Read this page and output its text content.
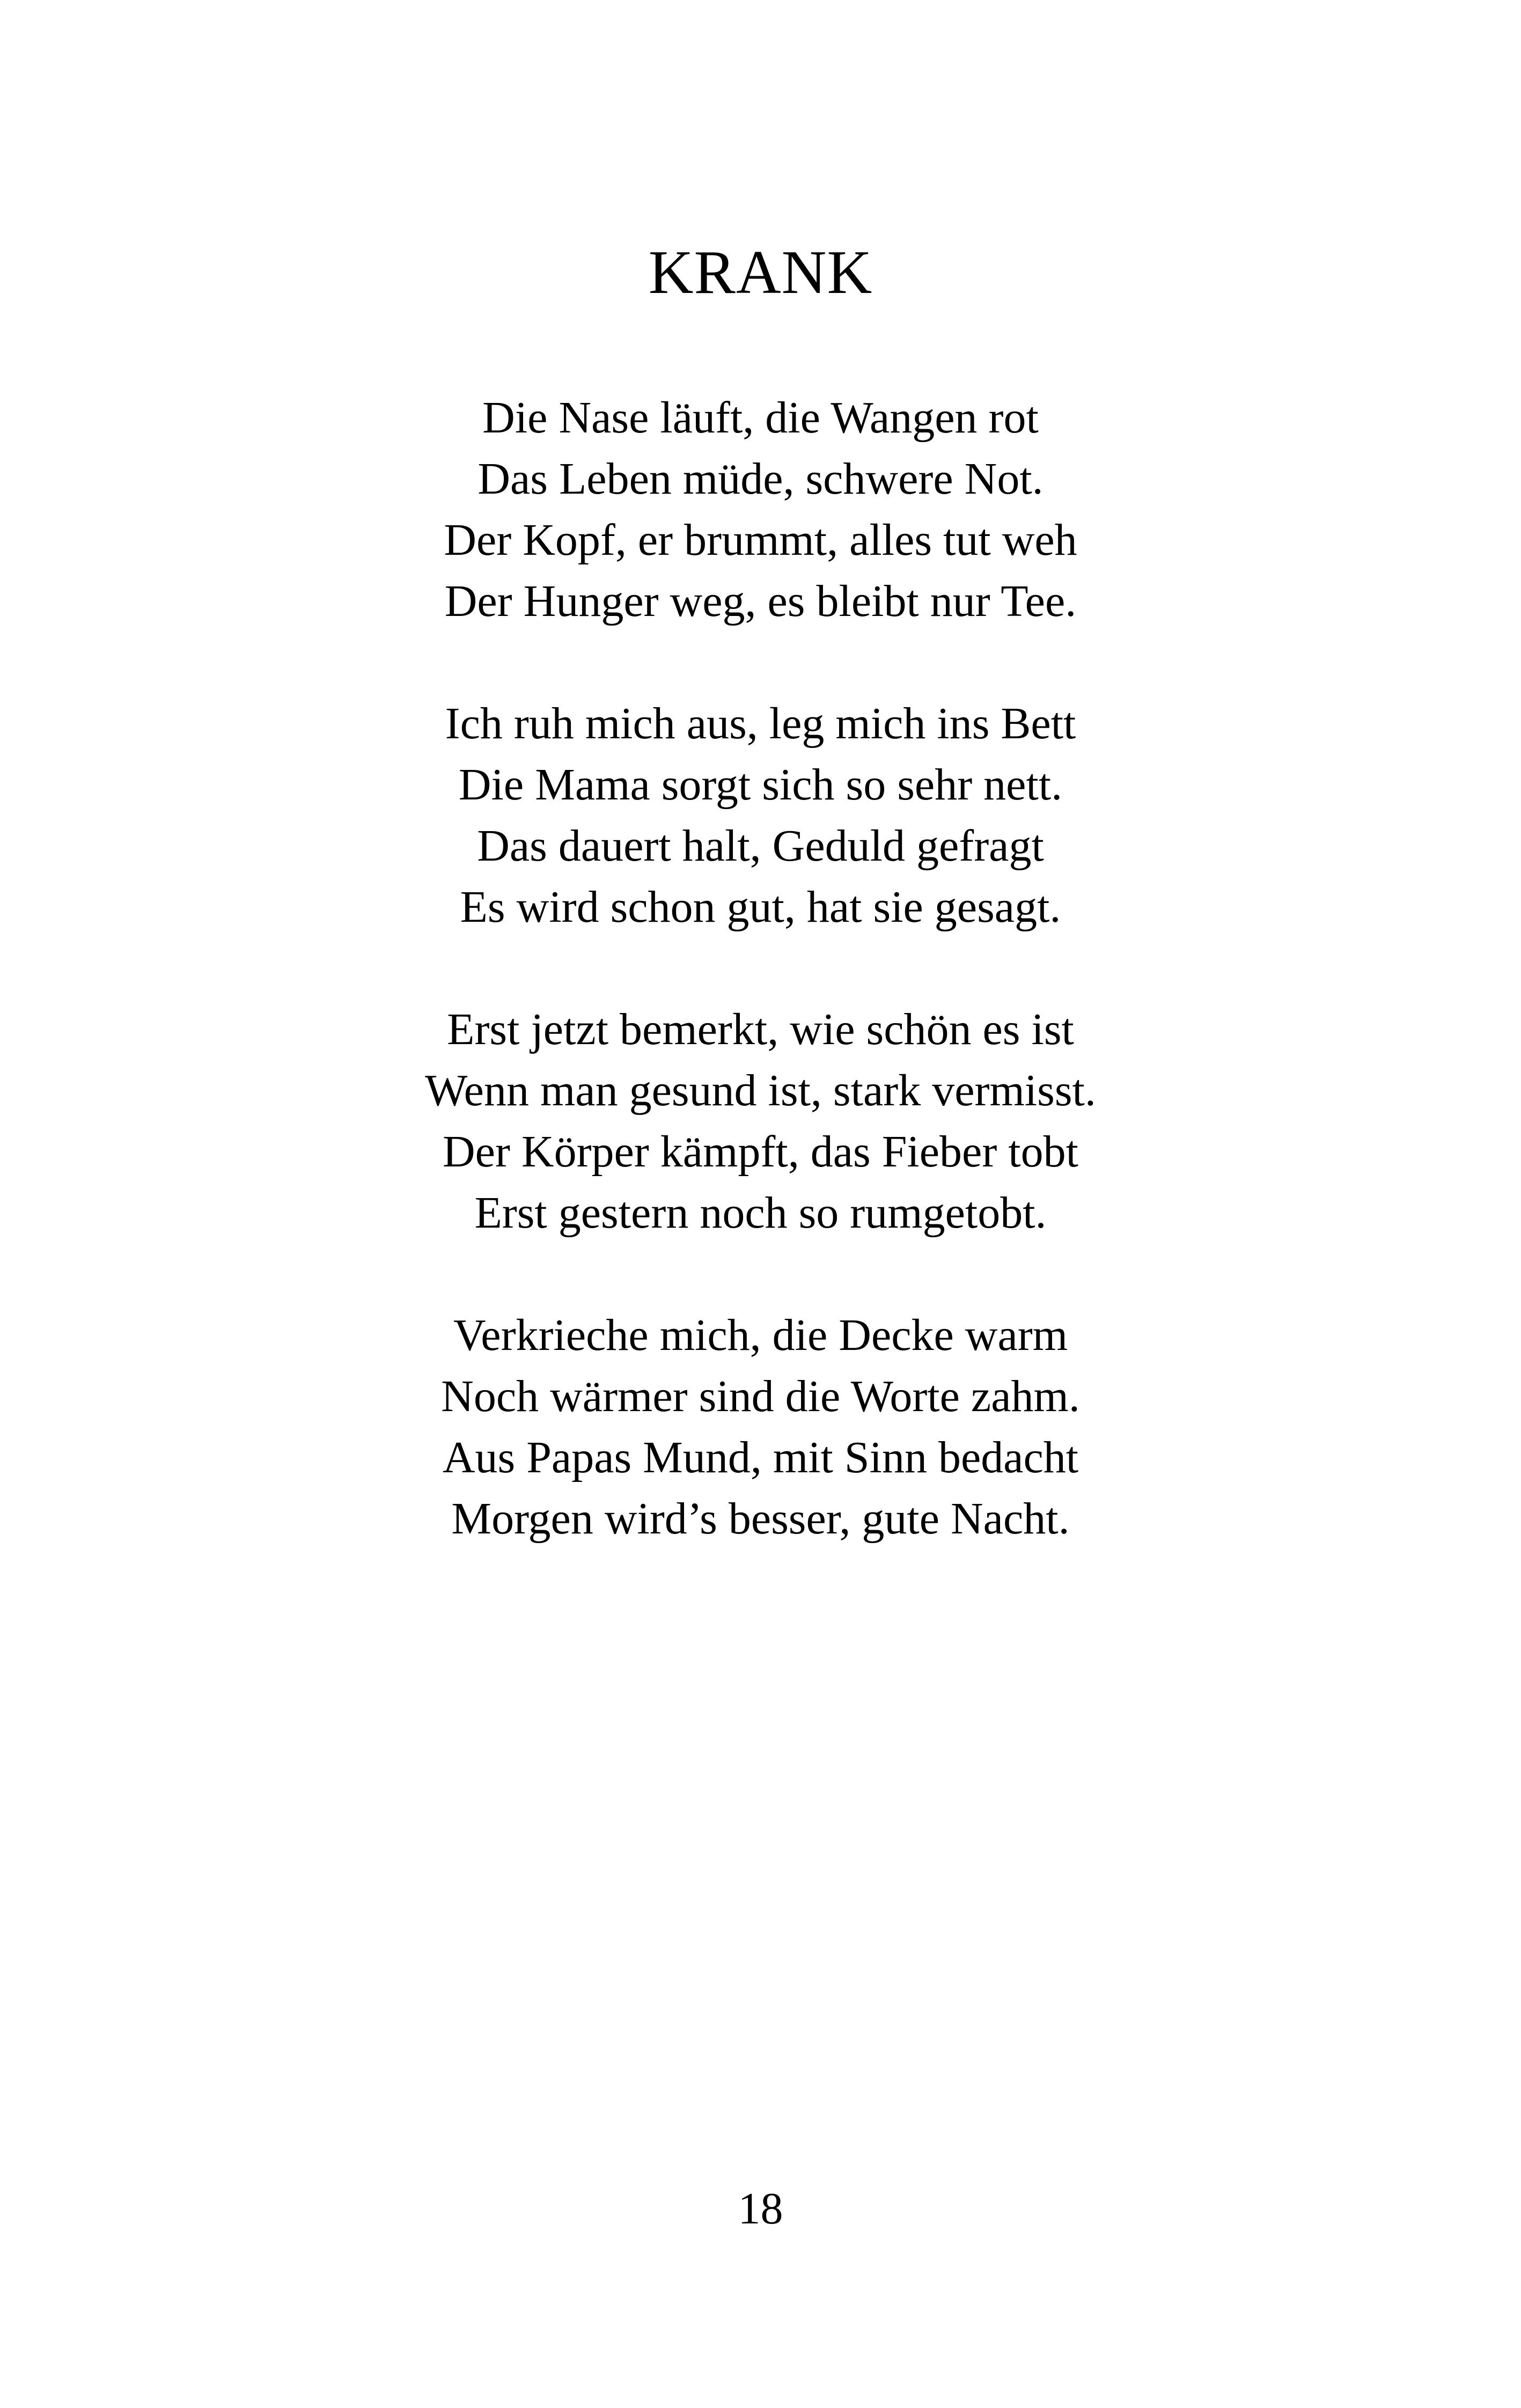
KRANK
Die Nase läuft, die Wangen rot
Das Leben müde, schwere Not.
Der Kopf, er brummt, alles tut weh
Der Hunger weg, es bleibt nur Tee.
Ich ruh mich aus, leg mich ins Bett
Die Mama sorgt sich so sehr nett.
Das dauert halt, Geduld gefragt
Es wird schon gut, hat sie gesagt.
Erst jetzt bemerkt, wie schön es ist
Wenn man gesund ist, stark vermisst.
Der Körper kämpft, das Fieber tobt
Erst gestern noch so rumgetobt.
Verkrieche mich, die Decke warm
Noch wärmer sind die Worte zahm.
Aus Papas Mund, mit Sinn bedacht
Morgen wird’s besser, gute Nacht.
18
